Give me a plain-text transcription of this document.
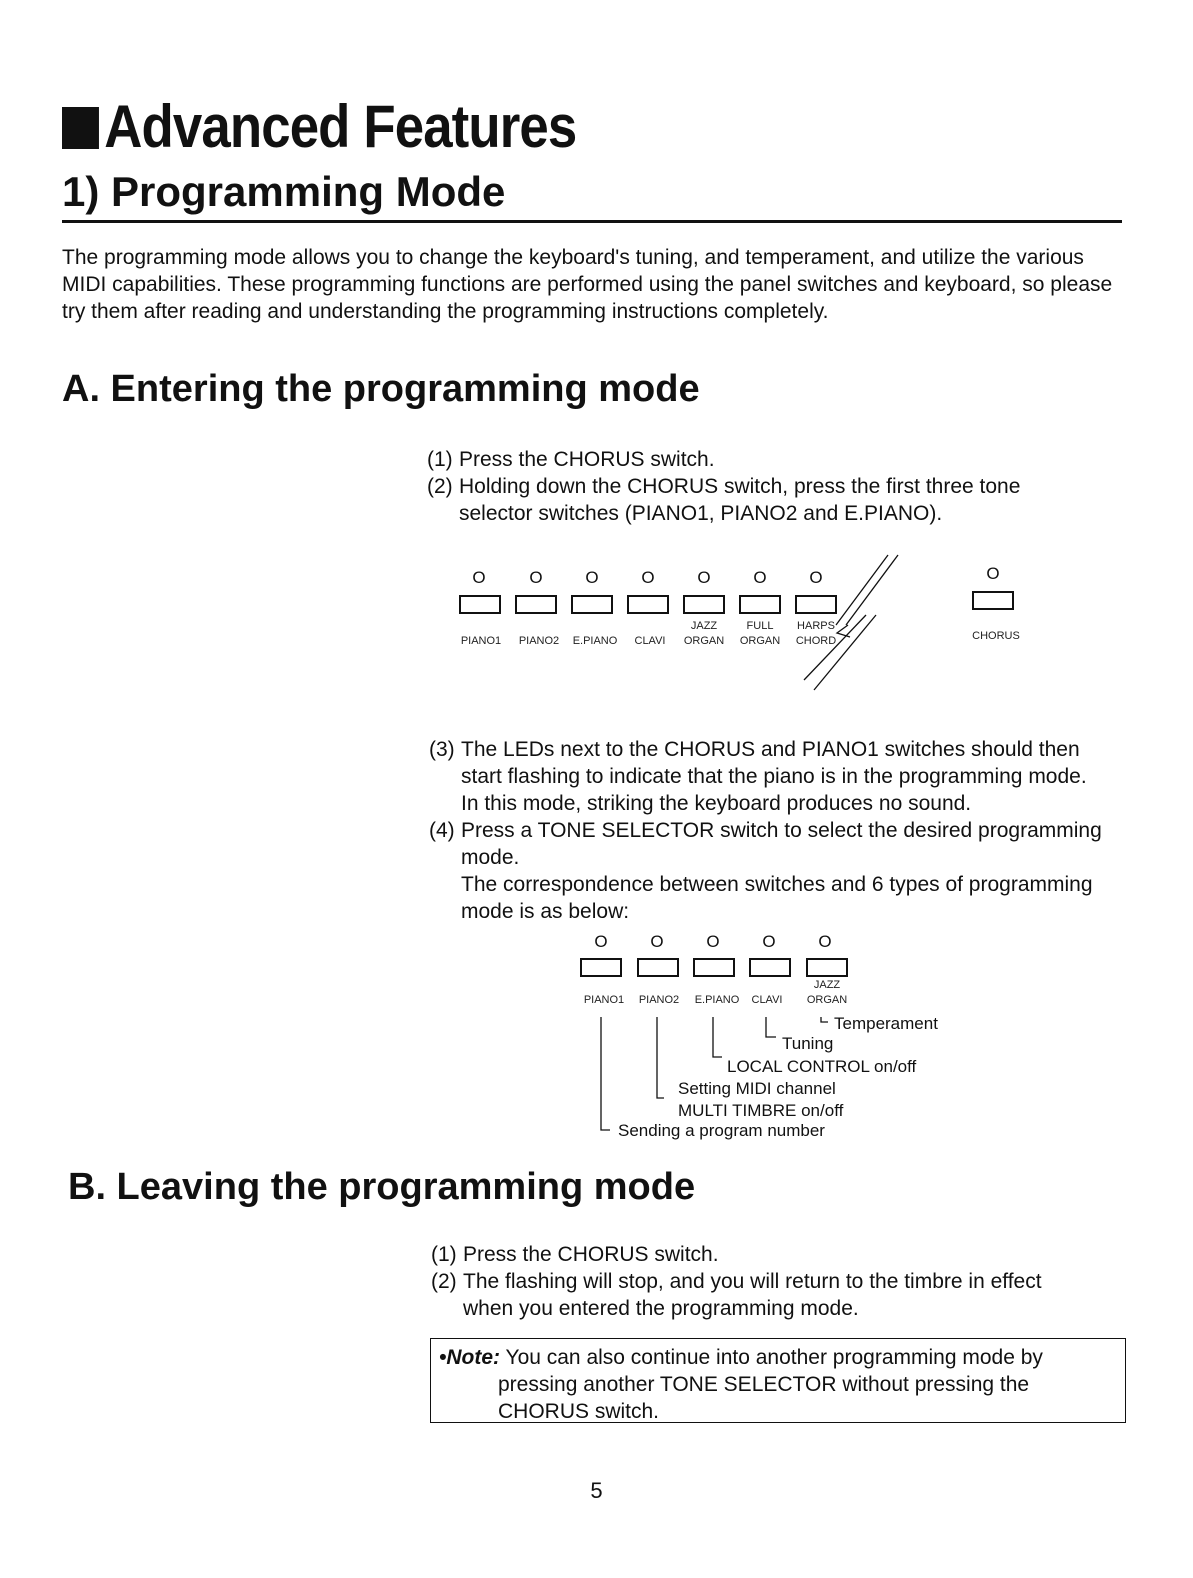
Advanced Features
1) Programming Mode
The programming mode allows you to change the keyboard's tuning, and temperament, and utilize the various MIDI capabilities. These programming functions are performed using the panel switches and keyboard, so please try them after reading and understanding the programming instructions completely.
A. Entering the programming mode
(1) Press the CHORUS switch.
(2) Holding down the CHORUS switch, press the first three tone
selector switches (PIANO1, PIANO2 and E.PIANO).
O	O	O	O	O	O	O	O
JAZZ	FULL HARPS
PIANO1 PIANO2 E.PIANO CLAVI ORGAN ORGAN CHORD	CHORUS
(3) The LEDs next to the CHORUS and PIANO1 switches should then
start flashing to indicate that the piano is in the programming mode.
In this mode, striking the keyboard produces no sound.
(4) Press a TONE SELECTOR switch to select the desired programming
mode.
The correspondence between switches and 6 types of programming
mode is as below:
O	O	O	O	O
JAZZ
PIANO1 PIANO2 E.PIANO CLAVI ORGAN
Temperament
Tuning
LOCAL CONTROL on/off
Setting MIDI channel
MULTI TIMBRE on/off
Sending a program number
B. Leaving the programming mode
(1) Press the CHORUS switch.
(2) The flashing will stop, and you will return to the timbre in effect
when you entered the programming mode.
•Note: You can also continue into another programming mode by
pressing another TONE SELECTOR without pressing the
CHORUS switch.
5
